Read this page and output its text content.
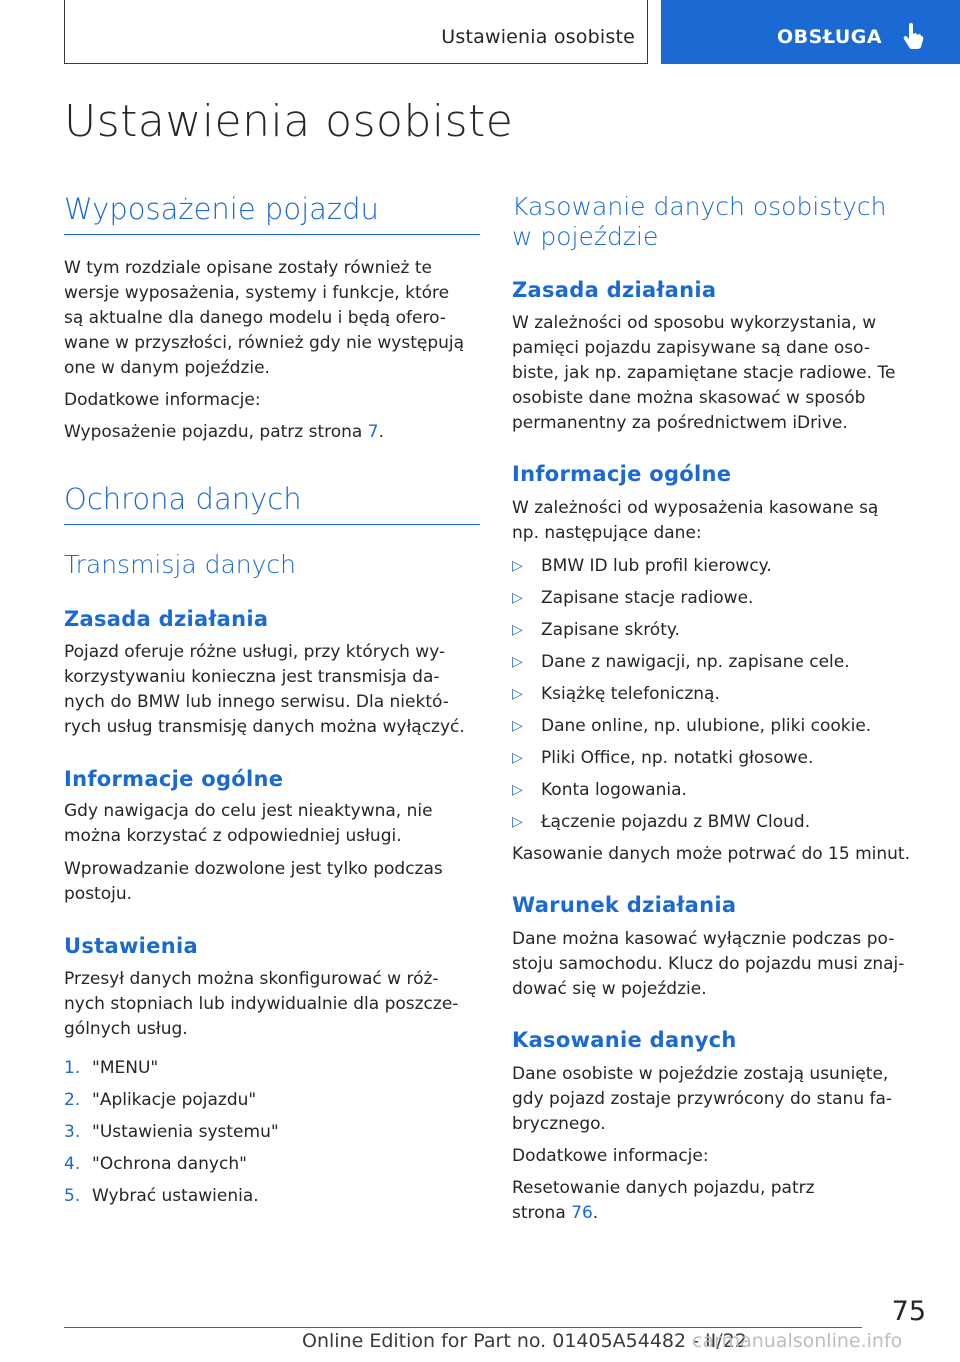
Ustawienia osobiste	OBSŁUGA
Ustawienia osobiste
Wyposażenie pojazdu

W tym rozdziale opisane zostały również te

wersje wyposażenia, systemy i funkcje, które

są aktualne dla danego modelu i będą ofero-

wane w przyszłości, również gdy nie występują

one w danym pojeździe.

Dodatkowe informacje:

Wyposażenie pojazdu, patrz strona 7.

Ochrona danych
Transmisja danych
Zasada działania

Pojazd oferuje różne usługi, przy których wy-

korzystywaniu konieczna jest transmisja da-

nych do BMW lub innego serwisu. Dla niektó-

rych usług transmisję danych można wyłączyć.

Informacje ogólne

Gdy nawigacja do celu jest nieaktywna, nie

można korzystać z odpowiedniej usługi.

Wprowadzanie dozwolone jest tylko podczas

postoju.

Ustawienia

Przesył danych można skonfigurować w róż-

nych stopniach lub indywidualnie dla poszcze-

gólnych usług.

1. "MENU"
2. "Aplikacje pojazdu"
3. "Ustawienia systemu"
4. "Ochrona danych"
5. Wybrać ustawienia.
Kasowanie danych osobistych
w pojeździe
Zasada działania

W zależności od sposobu wykorzystania, w

pamięci pojazdu zapisywane są dane oso-

biste, jak np. zapamiętane stacje radiowe. Te

osobiste dane można skasować w sposób

permanentny za pośrednictwem iDrive.

Informacje ogólne

W zależności od wyposażenia kasowane są

np. następujące dane:

▷ BMW ID lub profil kierowcy.
▷ Zapisane stacje radiowe.
▷ Zapisane skróty.
▷ Dane z nawigacji, np. zapisane cele.
▷ Książkę telefoniczną.
▷ Dane online, np. ulubione, pliki cookie.
▷ Pliki Office, np. notatki głosowe.
▷ Konta logowania.
▷ Łączenie pojazdu z BMW Cloud.

Kasowanie danych może potrwać do 15 minut.

Warunek działania

Dane można kasować wyłącznie podczas po-

stoju samochodu. Klucz do pojazdu musi znaj-

dować się w pojeździe.

Kasowanie danych

Dane osobiste w pojeździe zostają usunięte,

gdy pojazd zostaje przywrócony do stanu fa-

brycznego.

Dodatkowe informacje:

Resetowanie danych pojazdu, patrz

strona 76.

75
Online Edition for Part no. 01405A54482 - II/22
carmanualsonline.info
